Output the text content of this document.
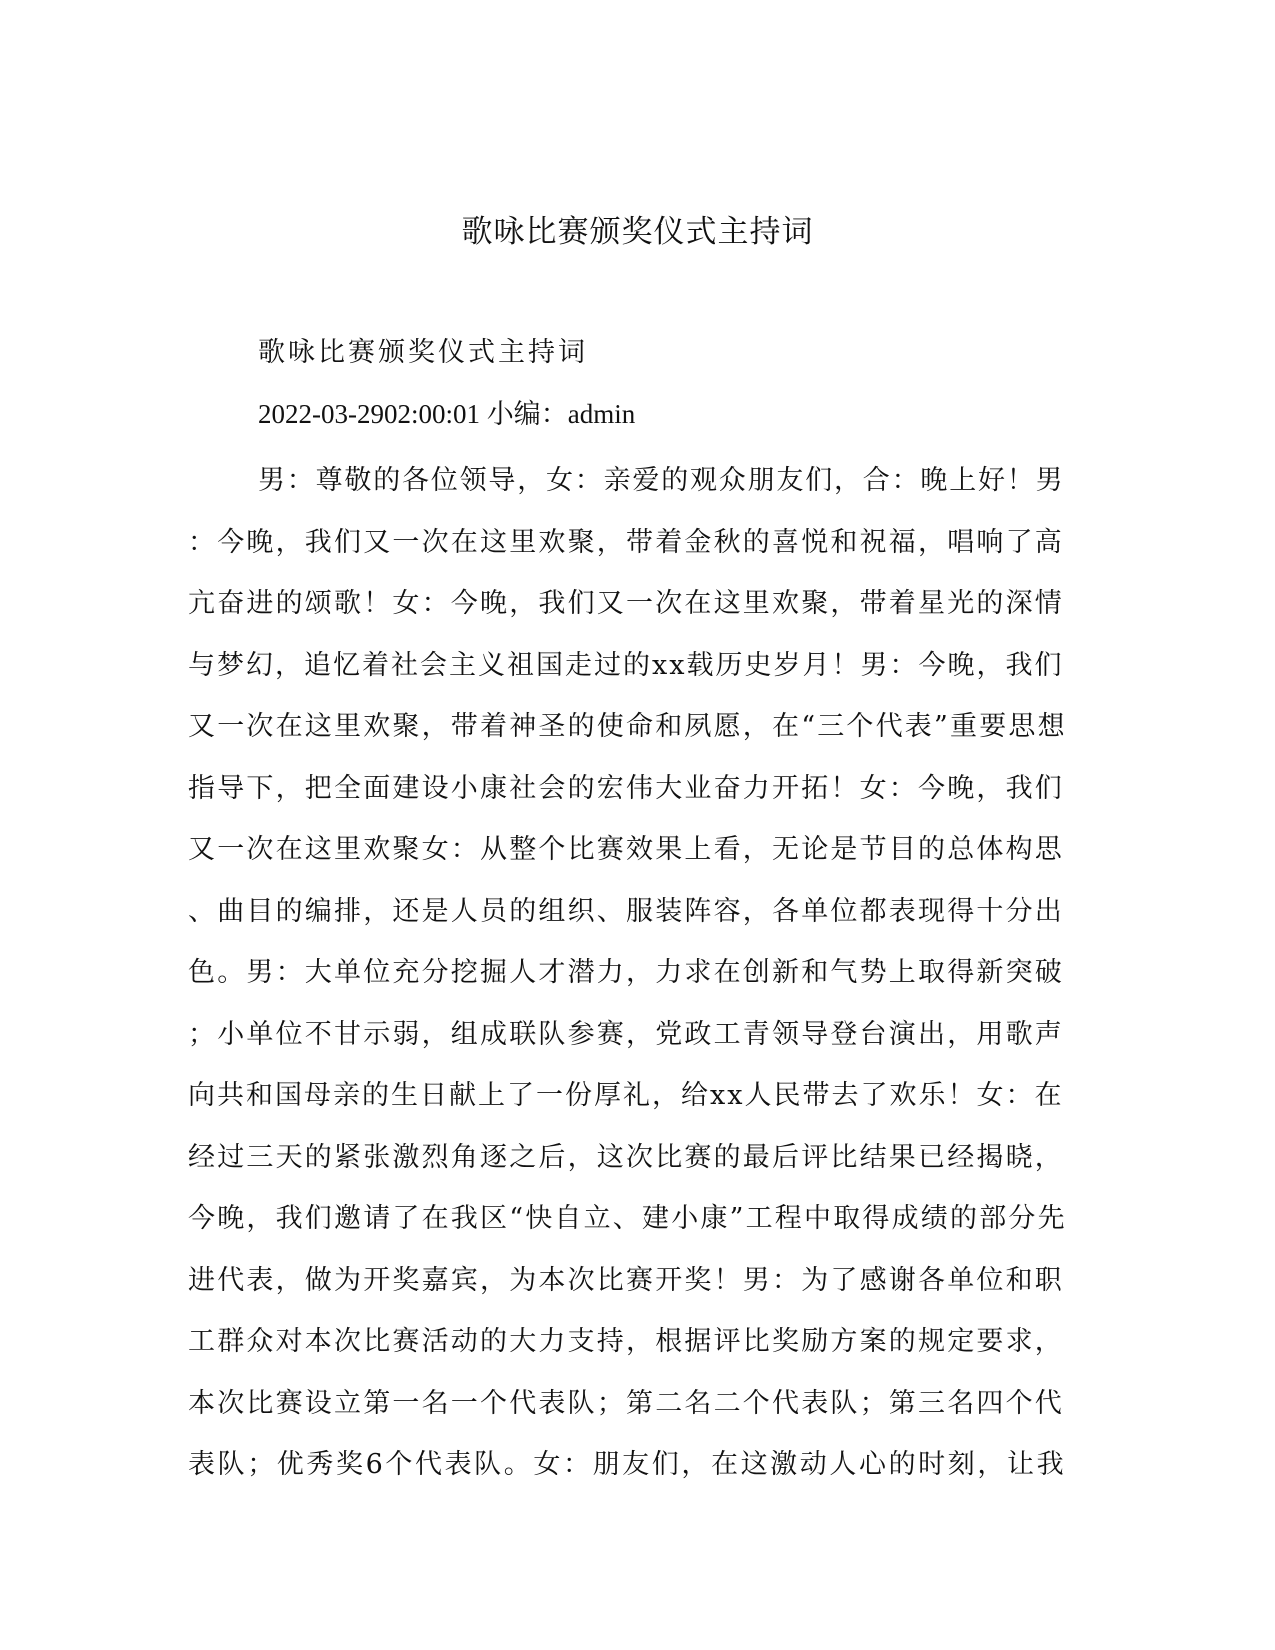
歌咏比赛颁奖仪式主持词
歌咏比赛颁奖仪式主持词
2022-03-2902:00:01 小编：admin
男：尊敬的各位领导，女：亲爱的观众朋友们，合：晚上好！男
：今晚，我们又一次在这里欢聚，带着金秋的喜悦和祝福，唱响了高
亢奋进的颂歌！女：今晚，我们又一次在这里欢聚，带着星光的深情
与梦幻，追忆着社会主义祖国走过的xx载历史岁月！男：今晚，我们
又一次在这里欢聚，带着神圣的使命和夙愿，在“三个代表”重要思想
指导下，把全面建设小康社会的宏伟大业奋力开拓！女：今晚，我们
又一次在这里欢聚女：从整个比赛效果上看，无论是节目的总体构思
、曲目的编排，还是人员的组织、服装阵容，各单位都表现得十分出
色。男：大单位充分挖掘人才潜力，力求在创新和气势上取得新突破
；小单位不甘示弱，组成联队参赛，党政工青领导登台演出，用歌声
向共和国母亲的生日献上了一份厚礼，给xx人民带去了欢乐！女：在
经过三天的紧张激烈角逐之后，这次比赛的最后评比结果已经揭晓，
今晚，我们邀请了在我区“快自立、建小康”工程中取得成绩的部分先
进代表，做为开奖嘉宾，为本次比赛开奖！男：为了感谢各单位和职
工群众对本次比赛活动的大力支持，根据评比奖励方案的规定要求，
本次比赛设立第一名一个代表队；第二名二个代表队；第三名四个代
表队；优秀奖6个代表队。女：朋友们，在这激动人心的时刻，让我
